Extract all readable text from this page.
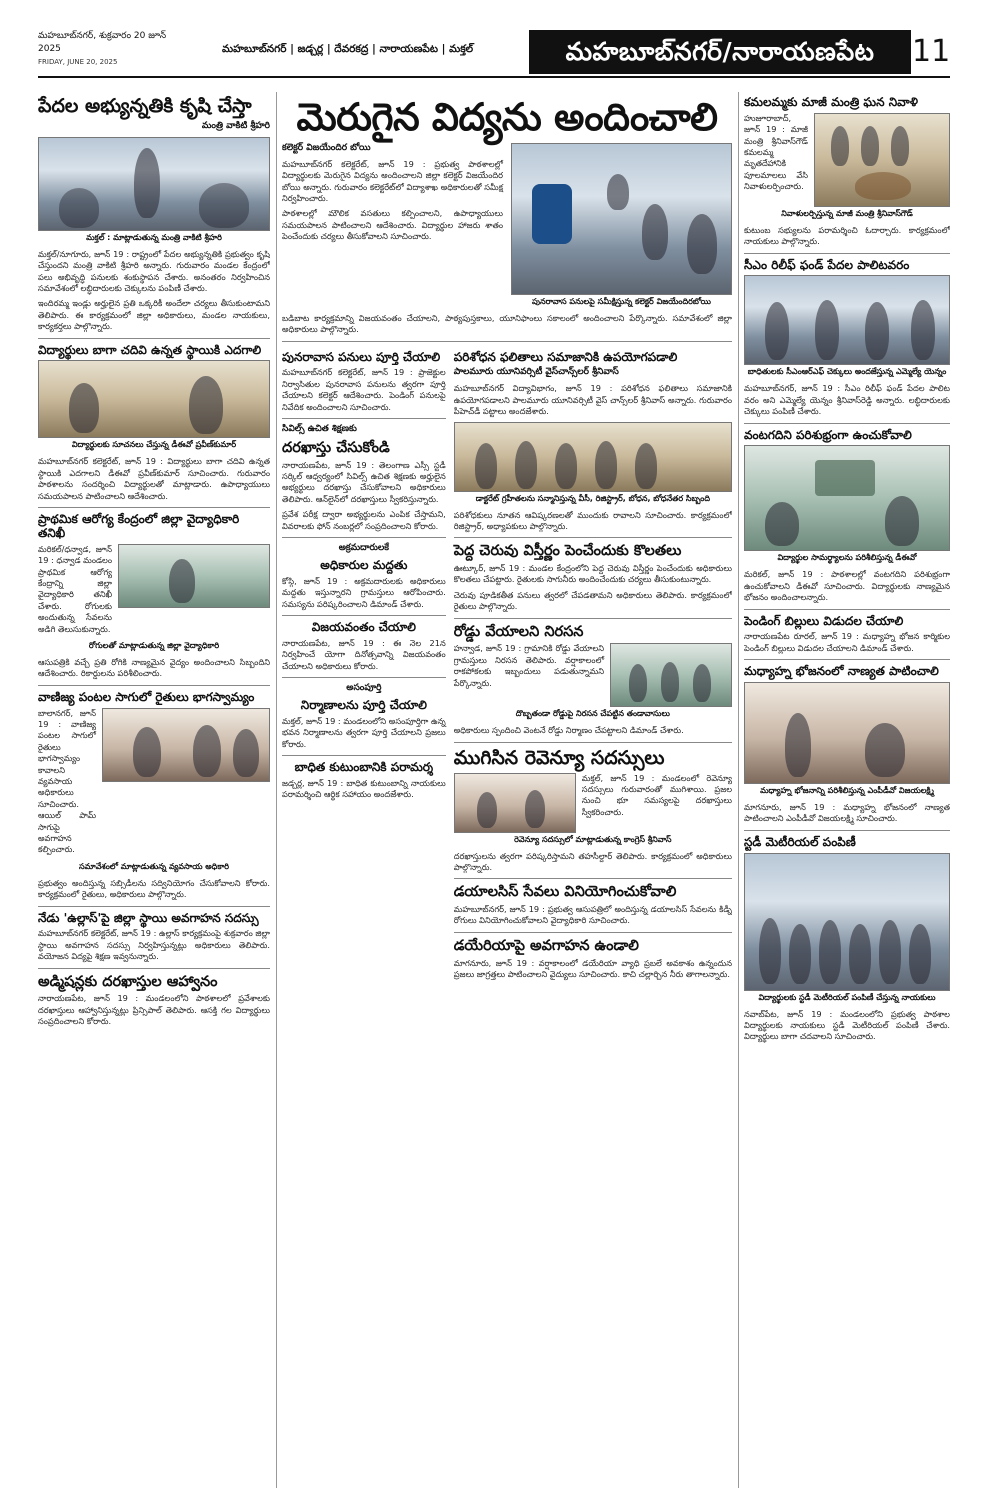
మహబూబ్‌నగర్, శుక్రవారం 20 జూన్ 2025
FRIDAY, JUNE 20, 2025
మహబూబ్‌నగర్ | జడ్చర్ల | దేవరకద్ర | నారాయణపేట | మక్తల్	మహబూబ్‌నగర్/నారాయణపేట	11
పేదల అభ్యున్నతికి కృషి చేస్తా
మంత్రి వాకిటి శ్రీహరి
మక్తల్ : మాట్లాడుతున్న మంత్రి వాకిటి శ్రీహరి
మక్తల్/నూగూరు, జూన్ 19 : రాష్ట్రంలో పేదల అభ్యున్నతికి ప్రభుత్వం కృషి చేస్తుందని మంత్రి వాకిటి శ్రీహరి అన్నారు. గురువారం మండల కేంద్రంలో పలు అభివృద్ధి పనులకు శంకుస్థాపన చేశారు. అనంతరం నిర్వహించిన సమావేశంలో లబ్ధిదారులకు చెక్కులను పంపిణీ చేశారు.
ఇందిరమ్మ ఇండ్లు అర్హులైన ప్రతి ఒక్కరికీ అందేలా చర్యలు తీసుకుంటామని తెలిపారు. ఈ కార్యక్రమంలో జిల్లా అధికారులు, మండల నాయకులు, కార్యకర్తలు పాల్గొన్నారు.
విద్యార్థులు బాగా చదివి ఉన్నత స్థాయికి ఎదగాలి
విద్యార్థులకు సూచనలు చేస్తున్న డీఈవో ప్రవీణ్‌కుమార్
మహబూబ్‌నగర్ కలెక్టరేట్, జూన్ 19 : విద్యార్థులు బాగా చదివి ఉన్నత స్థాయికి ఎదగాలని డీఈవో ప్రవీణ్‌కుమార్ సూచించారు. గురువారం పాఠశాలను సందర్శించి విద్యార్థులతో మాట్లాడారు. ఉపాధ్యాయులు సమయపాలన పాటించాలని ఆదేశించారు.
ప్రాథమిక ఆరోగ్య కేంద్రంలో జిల్లా వైద్యాధికారి తనిఖీ
మరికల్/ధన్వాడ, జూన్ 19 : ధన్వాడ మండలం ప్రాథమిక ఆరోగ్య కేంద్రాన్ని జిల్లా వైద్యాధికారి తనిఖీ చేశారు. రోగులకు అందుతున్న సేవలను అడిగి తెలుసుకున్నారు.
రోగులతో మాట్లాడుతున్న జిల్లా వైద్యాధికారి
ఆసుపత్రికి వచ్చే ప్రతి రోగికి నాణ్యమైన వైద్యం అందించాలని సిబ్బందిని ఆదేశించారు. రికార్డులను పరిశీలించారు.
వాణిజ్య పంటల సాగులో రైతులు భాగస్వామ్యం
బాలానగర్, జూన్ 19 : వాణిజ్య పంటల సాగులో రైతులు భాగస్వామ్యం కావాలని వ్యవసాయ అధికారులు సూచించారు. ఆయిల్ పామ్ సాగుపై అవగాహన కల్పించారు.
సమావేశంలో మాట్లాడుతున్న వ్యవసాయ అధికారి
ప్రభుత్వం అందిస్తున్న సబ్సిడీలను సద్వినియోగం చేసుకోవాలని కోరారు. కార్యక్రమంలో రైతులు, అధికారులు పాల్గొన్నారు.
నేడు 'ఉల్లాస్'పై జిల్లా స్థాయి అవగాహన సదస్సు
మహబూబ్‌నగర్ కలెక్టరేట్, జూన్ 19 : ఉల్లాస్ కార్యక్రమంపై శుక్రవారం జిల్లా స్థాయి అవగాహన సదస్సు నిర్వహిస్తున్నట్లు అధికారులు తెలిపారు. వయోజన విద్యపై శిక్షణ ఇవ్వనున్నారు.
అడ్మిషన్లకు దరఖాస్తుల ఆహ్వానం
నారాయణపేట, జూన్ 19 : మండలంలోని పాఠశాలలో ప్రవేశాలకు దరఖాస్తులు ఆహ్వానిస్తున్నట్లు ప్రిన్సిపాల్ తెలిపారు. ఆసక్తి గల విద్యార్థులు సంప్రదించాలని కోరారు.
మెరుగైన విద్యను అందించాలి
కలెక్టర్ విజయేందిర బోయి
మహబూబ్‌నగర్ కలెక్టరేట్, జూన్ 19 : ప్రభుత్వ పాఠశాలల్లో విద్యార్థులకు మెరుగైన విద్యను అందించాలని జిల్లా కలెక్టర్ విజయేందిర బోయి అన్నారు. గురువారం కలెక్టరేట్‌లో విద్యాశాఖ అధికారులతో సమీక్ష నిర్వహించారు.
పాఠశాలల్లో మౌలిక వసతులు కల్పించాలని, ఉపాధ్యాయులు సమయపాలన పాటించాలని ఆదేశించారు. విద్యార్థుల హాజరు శాతం పెంచేందుకు చర్యలు తీసుకోవాలని సూచించారు.
పునరావాస పనులపై సమీక్షిస్తున్న కలెక్టర్ విజయేందిరబోయి
బడిబాట కార్యక్రమాన్ని విజయవంతం చేయాలని, పాఠ్యపుస్తకాలు, యూనిఫాంలు సకాలంలో అందించాలని పేర్కొన్నారు. సమావేశంలో జిల్లా అధికారులు పాల్గొన్నారు.
పునరావాస పనులు పూర్తి చేయాలి
మహబూబ్‌నగర్ కలెక్టరేట్, జూన్ 19 : ప్రాజెక్టుల నిర్వాసితుల పునరావాస పనులను త్వరగా పూర్తి చేయాలని కలెక్టర్ ఆదేశించారు. పెండింగ్ పనులపై నివేదిక అందించాలని సూచించారు.
సివిల్స్ ఉచిత శిక్షణకు
దరఖాస్తు చేసుకోండి
నారాయణపేట, జూన్ 19 : తెలంగాణ ఎస్సీ స్టడీ సర్కిల్ ఆధ్వర్యంలో సివిల్స్ ఉచిత శిక్షణకు అర్హులైన అభ్యర్థులు దరఖాస్తు చేసుకోవాలని అధికారులు తెలిపారు. ఆన్‌లైన్‌లో దరఖాస్తులు స్వీకరిస్తున్నారు.
ప్రవేశ పరీక్ష ద్వారా అభ్యర్థులను ఎంపిక చేస్తామని, వివరాలకు ఫోన్ నంబర్లలో సంప్రదించాలని కోరారు.
అక్రమదారులకే
అధికారుల మద్దతు
కోస్గి, జూన్ 19 : అక్రమదారులకు అధికారులు మద్దతు ఇస్తున్నారని గ్రామస్తులు ఆరోపించారు. సమస్యను పరిష్కరించాలని డిమాండ్ చేశారు.
విజయవంతం చేయాలి
నారాయణపేట, జూన్ 19 : ఈ నెల 21న నిర్వహించే యోగా దినోత్సవాన్ని విజయవంతం చేయాలని అధికారులు కోరారు.
అసంపూర్తి
నిర్మాణాలను పూర్తి చేయాలి
మక్తల్, జూన్ 19 : మండలంలోని అసంపూర్తిగా ఉన్న భవన నిర్మాణాలను త్వరగా పూర్తి చేయాలని ప్రజలు కోరారు.
బాధిత కుటుంబానికి పరామర్శ
జడ్చర్ల, జూన్ 19 : బాధిత కుటుంబాన్ని నాయకులు పరామర్శించి ఆర్థిక సహాయం అందజేశారు.
పరిశోధన ఫలితాలు సమాజానికి ఉపయోగపడాలి
పాలమూరు యూనివర్సిటీ వైస్‌చాన్స్‌లర్ శ్రీనివాస్
మహబూబ్‌నగర్ విద్యావిభాగం, జూన్ 19 : పరిశోధన ఫలితాలు సమాజానికి ఉపయోగపడాలని పాలమూరు యూనివర్సిటీ వైస్ చాన్స్‌లర్ శ్రీనివాస్ అన్నారు. గురువారం పీహెచ్‌డీ పట్టాలు అందజేశారు.
డాక్టరేట్ గ్రహీతలను సన్మానిస్తున్న వీసీ, రిజిస్ట్రార్, బోధన, బోధనేతర సిబ్బంది
పరిశోధకులు నూతన ఆవిష్కరణలతో ముందుకు రావాలని సూచించారు. కార్యక్రమంలో రిజిస్ట్రార్, అధ్యాపకులు పాల్గొన్నారు.
పెద్ద చెరువు విస్తీర్ణం పెంచేందుకు కొలతలు
ఊట్కూర్, జూన్ 19 : మండల కేంద్రంలోని పెద్ద చెరువు విస్తీర్ణం పెంచేందుకు అధికారులు కొలతలు చేపట్టారు. రైతులకు సాగునీరు అందించేందుకు చర్యలు తీసుకుంటున్నారు.
చెరువు పూడికతీత పనులు త్వరలో చేపడతామని అధికారులు తెలిపారు. కార్యక్రమంలో రైతులు పాల్గొన్నారు.
రోడ్డు వేయాలని నిరసన
హన్వాడ, జూన్ 19 : గ్రామానికి రోడ్డు వేయాలని గ్రామస్తులు నిరసన తెలిపారు. వర్షాకాలంలో రాకపోకలకు ఇబ్బందులు పడుతున్నామని పేర్కొన్నారు.
దొబ్బతండా రోడ్డుపై నిరసన చేపట్టిన తండావాసులు
అధికారులు స్పందించి వెంటనే రోడ్డు నిర్మాణం చేపట్టాలని డిమాండ్ చేశారు.
ముగిసిన రెవెన్యూ సదస్సులు
మక్తల్, జూన్ 19 : మండలంలో రెవెన్యూ సదస్సులు గురువారంతో ముగిశాయి. ప్రజల నుంచి భూ సమస్యలపై దరఖాస్తులు స్వీకరించారు.
రెవెన్యూ సదస్సులో మాట్లాడుతున్న కాంగ్రెస్ శ్రీనివాస్
దరఖాస్తులను త్వరగా పరిష్కరిస్తామని తహసీల్దార్ తెలిపారు. కార్యక్రమంలో అధికారులు పాల్గొన్నారు.
డయాలసిస్ సేవలు వినియోగించుకోవాలి
మహబూబ్‌నగర్, జూన్ 19 : ప్రభుత్వ ఆసుపత్రిలో అందిస్తున్న డయాలసిస్ సేవలను కిడ్నీ రోగులు వినియోగించుకోవాలని వైద్యాధికారి సూచించారు.
డయేరియాపై అవగాహన ఉండాలి
మాగనూరు, జూన్ 19 : వర్షాకాలంలో డయేరియా వ్యాధి ప్రబలే అవకాశం ఉన్నందున ప్రజలు జాగ్రత్తలు పాటించాలని వైద్యులు సూచించారు. కాచి చల్లార్చిన నీరు తాగాలన్నారు.
కమలమ్మకు మాజీ మంత్రి ఘన నివాళి
హుజూరాబాద్, జూన్ 19 : మాజీ మంత్రి శ్రీనివాస్‌గౌడ్ కమలమ్మ మృతదేహానికి పూలమాలలు వేసి నివాళులర్పించారు.
నివాళులర్పిస్తున్న మాజీ మంత్రి శ్రీనివాస్‌గౌడ్
కుటుంబ సభ్యులను పరామర్శించి ఓదార్చారు. కార్యక్రమంలో నాయకులు పాల్గొన్నారు.
సీఎం రిలీఫ్ ఫండ్ పేదల పాలిటవరం
బాధితులకు సీఎంఆర్ఎఫ్ చెక్కులు అందజేస్తున్న ఎమ్మెల్యే యెన్నం
మహబూబ్‌నగర్, జూన్ 19 : సీఎం రిలీఫ్ ఫండ్ పేదల పాలిట వరం అని ఎమ్మెల్యే యెన్నం శ్రీనివాస్‌రెడ్డి అన్నారు. లబ్ధిదారులకు చెక్కులు పంపిణీ చేశారు.
వంటగదిని పరిశుభ్రంగా ఉంచుకోవాలి
విద్యార్థుల సామర్థ్యాలను పరిశీలిస్తున్న డీఈవో
మరికల్, జూన్ 19 : పాఠశాలల్లో వంటగదిని పరిశుభ్రంగా ఉంచుకోవాలని డీఈవో సూచించారు. విద్యార్థులకు నాణ్యమైన భోజనం అందించాలన్నారు.
పెండింగ్ బిల్లులు విడుదల చేయాలి
నారాయణపేట రూరల్, జూన్ 19 : మధ్యాహ్న భోజన కార్మికుల పెండింగ్ బిల్లులు విడుదల చేయాలని డిమాండ్ చేశారు.
మధ్యాహ్న భోజనంలో నాణ్యత పాటించాలి
మధ్యాహ్న భోజనాన్ని పరిశీలిస్తున్న ఎంపీడీవో విజయలక్ష్మి
మాగనూరు, జూన్ 19 : మధ్యాహ్న భోజనంలో నాణ్యత పాటించాలని ఎంపీడీవో విజయలక్ష్మి సూచించారు.
స్టడీ మెటీరియల్ పంపిణీ
విద్యార్థులకు స్టడీ మెటీరియల్ పంపిణీ చేస్తున్న నాయకులు
నవాబ్‌పేట, జూన్ 19 : మండలంలోని ప్రభుత్వ పాఠశాల విద్యార్థులకు నాయకులు స్టడీ మెటీరియల్ పంపిణీ చేశారు. విద్యార్థులు బాగా చదవాలని సూచించారు.
